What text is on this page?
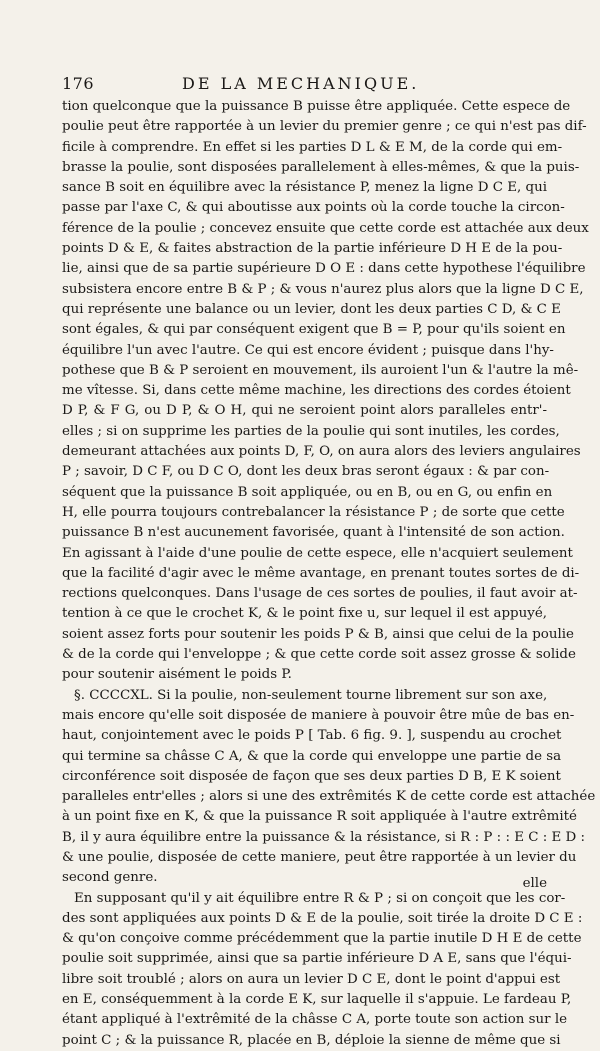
176	DE LA MECHANIQUE.
tion quelconque que la puissance B puisse être appliquée. Cette espece de
poulie peut être rapportée à un levier du premier genre ; ce qui n'est pas dif-
ficile à comprendre. En effet si les parties D L & E M, de la corde qui em-
brasse la poulie, sont disposées parallelement à elles-mêmes, & que la puis-
sance B soit en équilibre avec la résistance P, menez la ligne D C E, qui
passe par l'axe C, & qui aboutisse aux points où la corde touche la circon-
férence de la poulie ; concevez ensuite que cette corde est attachée aux deux
points D & E, & faites abstraction de la partie inférieure D H E de la pou-
lie, ainsi que de sa partie supérieure D O E : dans cette hypothese l'équilibre
subsistera encore entre B & P ; & vous n'aurez plus alors que la ligne D C E,
qui représente une balance ou un levier, dont les deux parties C D, & C E
sont égales, & qui par conséquent exigent que B = P, pour qu'ils soient en
équilibre l'un avec l'autre. Ce qui est encore évident ; puisque dans l'hy-
pothese que B & P seroient en mouvement, ils auroient l'un & l'autre la mê-
me vîtesse. Si, dans cette même machine, les directions des cordes étoient
D P, & F G, ou D P, & O H, qui ne seroient point alors paralleles entr'-
elles ; si on supprime les parties de la poulie qui sont inutiles, les cordes,
demeurant attachées aux points D, F, O, on aura alors des leviers angulaires
P ; savoir, D C F, ou D C O, dont les deux bras seront égaux : & par con-
séquent que la puissance B soit appliquée, ou en B, ou en G, ou enfin en
H, elle pourra toujours contrebalancer la résistance P ; de sorte que cette
puissance B n'est aucunement favorisée, quant à l'intensité de son action.
En agissant à l'aide d'une poulie de cette espece, elle n'acquiert seulement
que la facilité d'agir avec le même avantage, en prenant toutes sortes de di-
rections quelconques. Dans l'usage de ces sortes de poulies, il faut avoir at-
tention à ce que le crochet K, & le point fixe u, sur lequel il est appuyé,
soient assez forts pour soutenir les poids P & B, ainsi que celui de la poulie
& de la corde qui l'enveloppe ; & que cette corde soit assez grosse & solide
pour soutenir aisément le poids P.
§. CCCCXL. Si la poulie, non-seulement tourne librement sur son axe,
mais encore qu'elle soit disposée de maniere à pouvoir être mûe de bas en-
haut, conjointement avec le poids P [ Tab. 6 fig. 9. ], suspendu au crochet
qui termine sa châsse C A, & que la corde qui enveloppe une partie de sa
circonférence soit disposée de façon que ses deux parties D B, E K soient
paralleles entr'elles ; alors si une des extrêmités K de cette corde est attachée
à un point fixe en K, & que la puissance R soit appliquée à l'autre extrêmité
B, il y aura équilibre entre la puissance & la résistance, si R : P : : E C : E D :
& une poulie, disposée de cette maniere, peut être rapportée à un levier du
second genre.
En supposant qu'il y ait équilibre entre R & P ; si on conçoit que les cor-
des sont appliquées aux points D & E de la poulie, soit tirée la droite D C E :
& qu'on conçoive comme précédemment que la partie inutile D H E de cette
poulie soit supprimée, ainsi que sa partie inférieure D A E, sans que l'équi-
libre soit troublé ; alors on aura un levier D C E, dont le point d'appui est
en E, conséquemment à la corde E K, sur laquelle il s'appuie. Le fardeau P,
étant appliqué à l'extrêmité de la châsse C A, porte toute son action sur le
point C ; & la puissance R, placée en B, déploie la sienne de même que si
elle
